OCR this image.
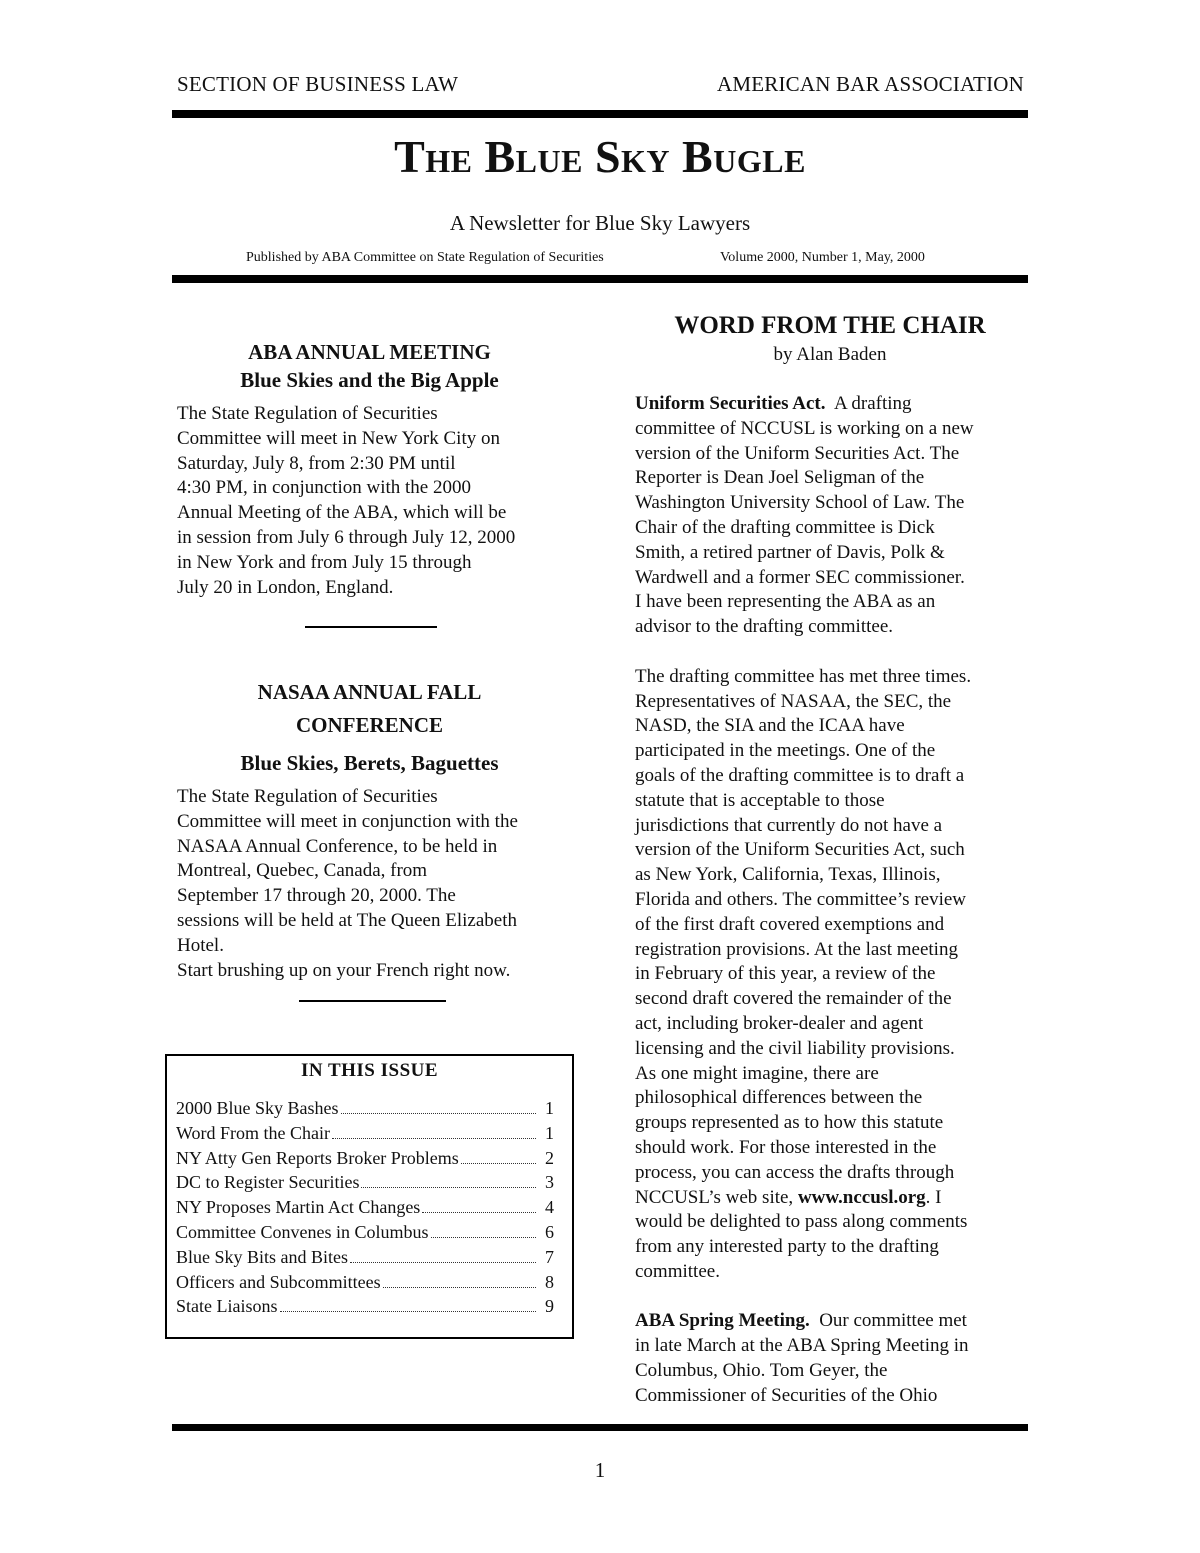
SECTION OF BUSINESS LAW	AMERICAN BAR ASSOCIATION
The Blue Sky Bugle
A Newsletter for Blue Sky Lawyers
Published by ABA Committee on State Regulation of Securities	Volume 2000, Number 1, May, 2000
ABA ANNUAL MEETING
Blue Skies and the Big Apple
The State Regulation of Securities
Committee will meet in New York City on
Saturday, July 8, from 2:30 PM until
4:30 PM, in conjunction with the 2000
Annual Meeting of the ABA, which will be
in session from July 6 through July 12, 2000
in New York and from July 15 through
July 20 in London, England.
NASAA ANNUAL FALL
CONFERENCE
Blue Skies, Berets, Baguettes
The State Regulation of Securities
Committee will meet in conjunction with the
NASAA Annual Conference, to be held in
Montreal, Quebec, Canada, from
September 17 through 20, 2000. The
sessions will be held at The Queen Elizabeth
Hotel.
Start brushing up on your French right now.
IN THIS ISSUE
2000 Blue Sky Bashes	1
Word From the Chair	1
NY Atty Gen Reports Broker Problems	2
DC to Register Securities	3
NY Proposes Martin Act Changes	4
Committee Convenes in Columbus	6
Blue Sky Bits and Bites	7
Officers and Subcommittees	8
State Liaisons	9
WORD FROM THE CHAIR
by Alan Baden
Uniform Securities Act. A drafting
committee of NCCUSL is working on a new
version of the Uniform Securities Act. The
Reporter is Dean Joel Seligman of the
Washington University School of Law. The
Chair of the drafting committee is Dick
Smith, a retired partner of Davis, Polk &
Wardwell and a former SEC commissioner.
I have been representing the ABA as an
advisor to the drafting committee.

The drafting committee has met three times.
Representatives of NASAA, the SEC, the
NASD, the SIA and the ICAA have
participated in the meetings. One of the
goals of the drafting committee is to draft a
statute that is acceptable to those
jurisdictions that currently do not have a
version of the Uniform Securities Act, such
as New York, California, Texas, Illinois,
Florida and others. The committee’s review
of the first draft covered exemptions and
registration provisions. At the last meeting
in February of this year, a review of the
second draft covered the remainder of the
act, including broker-dealer and agent
licensing and the civil liability provisions.
As one might imagine, there are
philosophical differences between the
groups represented as to how this statute
should work. For those interested in the
process, you can access the drafts through
NCCUSL’s web site, www.nccusl.org. I
would be delighted to pass along comments
from any interested party to the drafting
committee.

ABA Spring Meeting. Our committee met
in late March at the ABA Spring Meeting in
Columbus, Ohio. Tom Geyer, the
Commissioner of Securities of the Ohio
1
